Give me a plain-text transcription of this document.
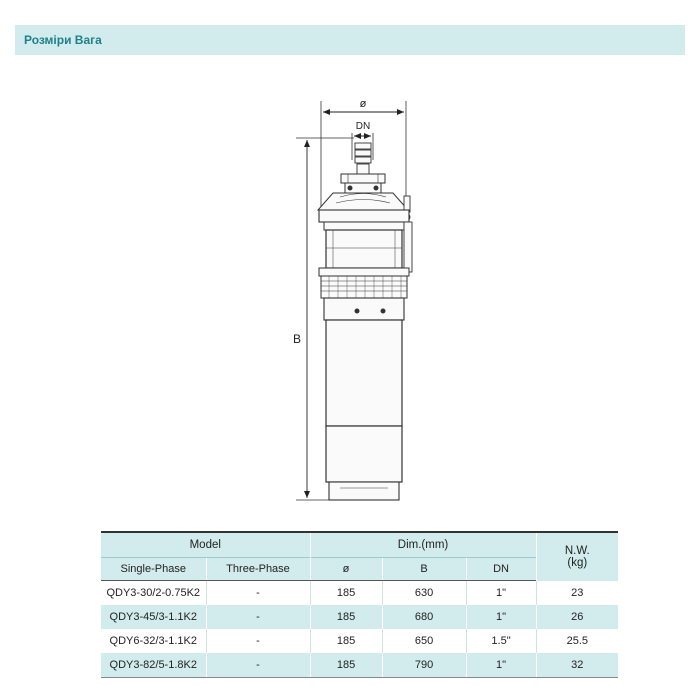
Розміри Вага
ø
DN
B
Model		Dim.(mm)			N.W.
(kg)
Single-Phase	Three-Phase	ø	B	DN	
QDY3-30/2-0.75K2	-	185	630	1"	23
QDY3-45/3-1.1K2	-	185	680	1"	26
QDY6-32/3-1.1K2	-	185	650	1.5"	25.5
QDY3-82/5-1.8K2	-	185	790	1"	32
